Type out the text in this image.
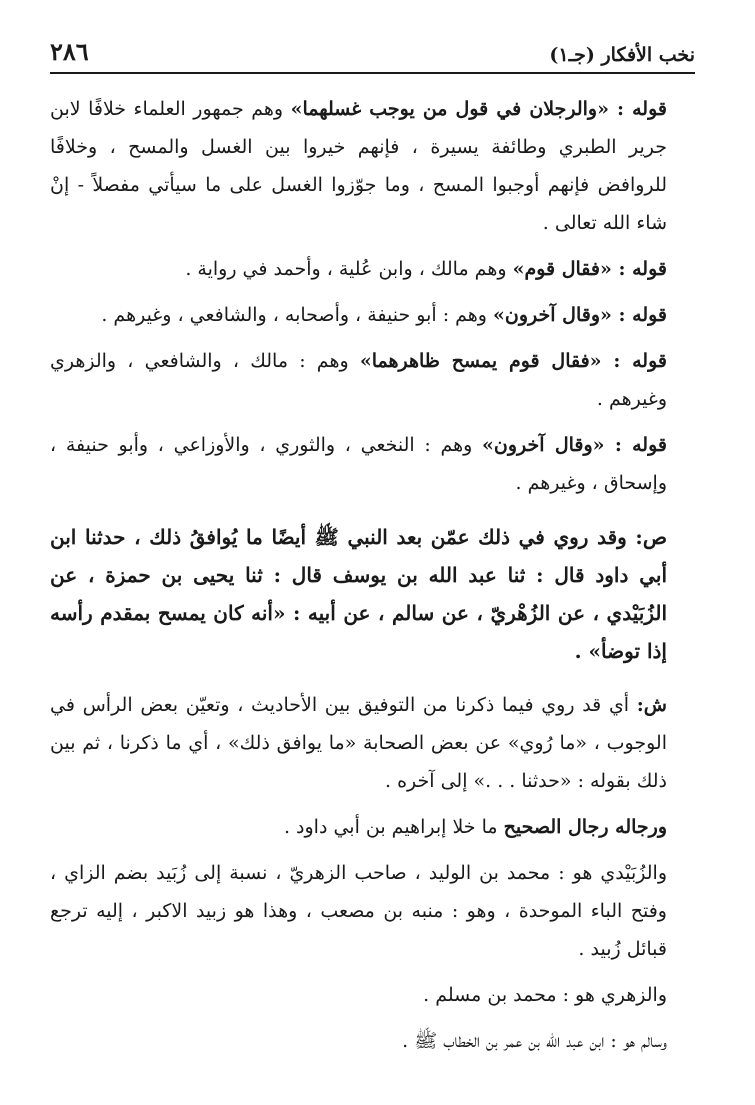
نخب الأفكار (جـ١)
٢٨٦

قوله : «والرجلان في قول من يوجب غسلهما» وهم جمهور العلماء خلافًا لابن جرير الطبري وطائفة يسيرة ، فإنهم خيروا بين الغسل والمسح ، وخلافًا للروافض فإنهم أوجبوا المسح ، وما جوّزوا الغسل على ما سيأتي مفصلاً - إنْ شاء الله تعالى .

قوله : «فقال قوم» وهم مالك ، وابن عُلية ، وأحمد في رواية .

قوله : «وقال آخرون» وهم : أبو حنيفة ، وأصحابه ، والشافعي ، وغيرهم .

قوله : «فقال قوم يمسح ظاهرهما» وهم : مالك ، والشافعي ، والزهري وغيرهم .

قوله : «وقال آخرون» وهم : النخعي ، والثوري ، والأوزاعي ، وأبو حنيفة ، وإسحاق ، وغيرهم .

ص: وقد روي في ذلك عمّن بعد النبي ﷺ أيضًا ما يُوافقُ ذلك ، حدثنا ابن أبي داود قال : ثنا عبد الله بن يوسف قال : ثنا يحيى بن حمزة ، عن الزُبَيْدي ، عن الزُهْريّ ، عن سالم ، عن أبيه : «أنه كان يمسح بمقدم رأسه إذا توضأ» .

ش: أي قد روي فيما ذكرنا من التوفيق بين الأحاديث ، وتعيّن بعض الرأس في الوجوب ، «ما رُوي» عن بعض الصحابة «ما يوافق ذلك» ، أي ما ذكرنا ، ثم بين ذلك بقوله : «حدثنا . . .» إلى آخره .

ورجاله رجال الصحيح ما خلا إبراهيم بن أبي داود .

والزُبَيْدي هو : محمد بن الوليد ، صاحب الزهريّ ، نسبة إلى زُبَيد بضم الزاي ، وفتح الباء الموحدة ، وهو : منبه بن مصعب ، وهذا هو زبيد الاكبر ، إليه ترجع قبائل زُبيد .

والزهري هو : محمد بن مسلم .

وسالم هو : ابن عبد الله بن عمر بن الخطاب ﷺ .
